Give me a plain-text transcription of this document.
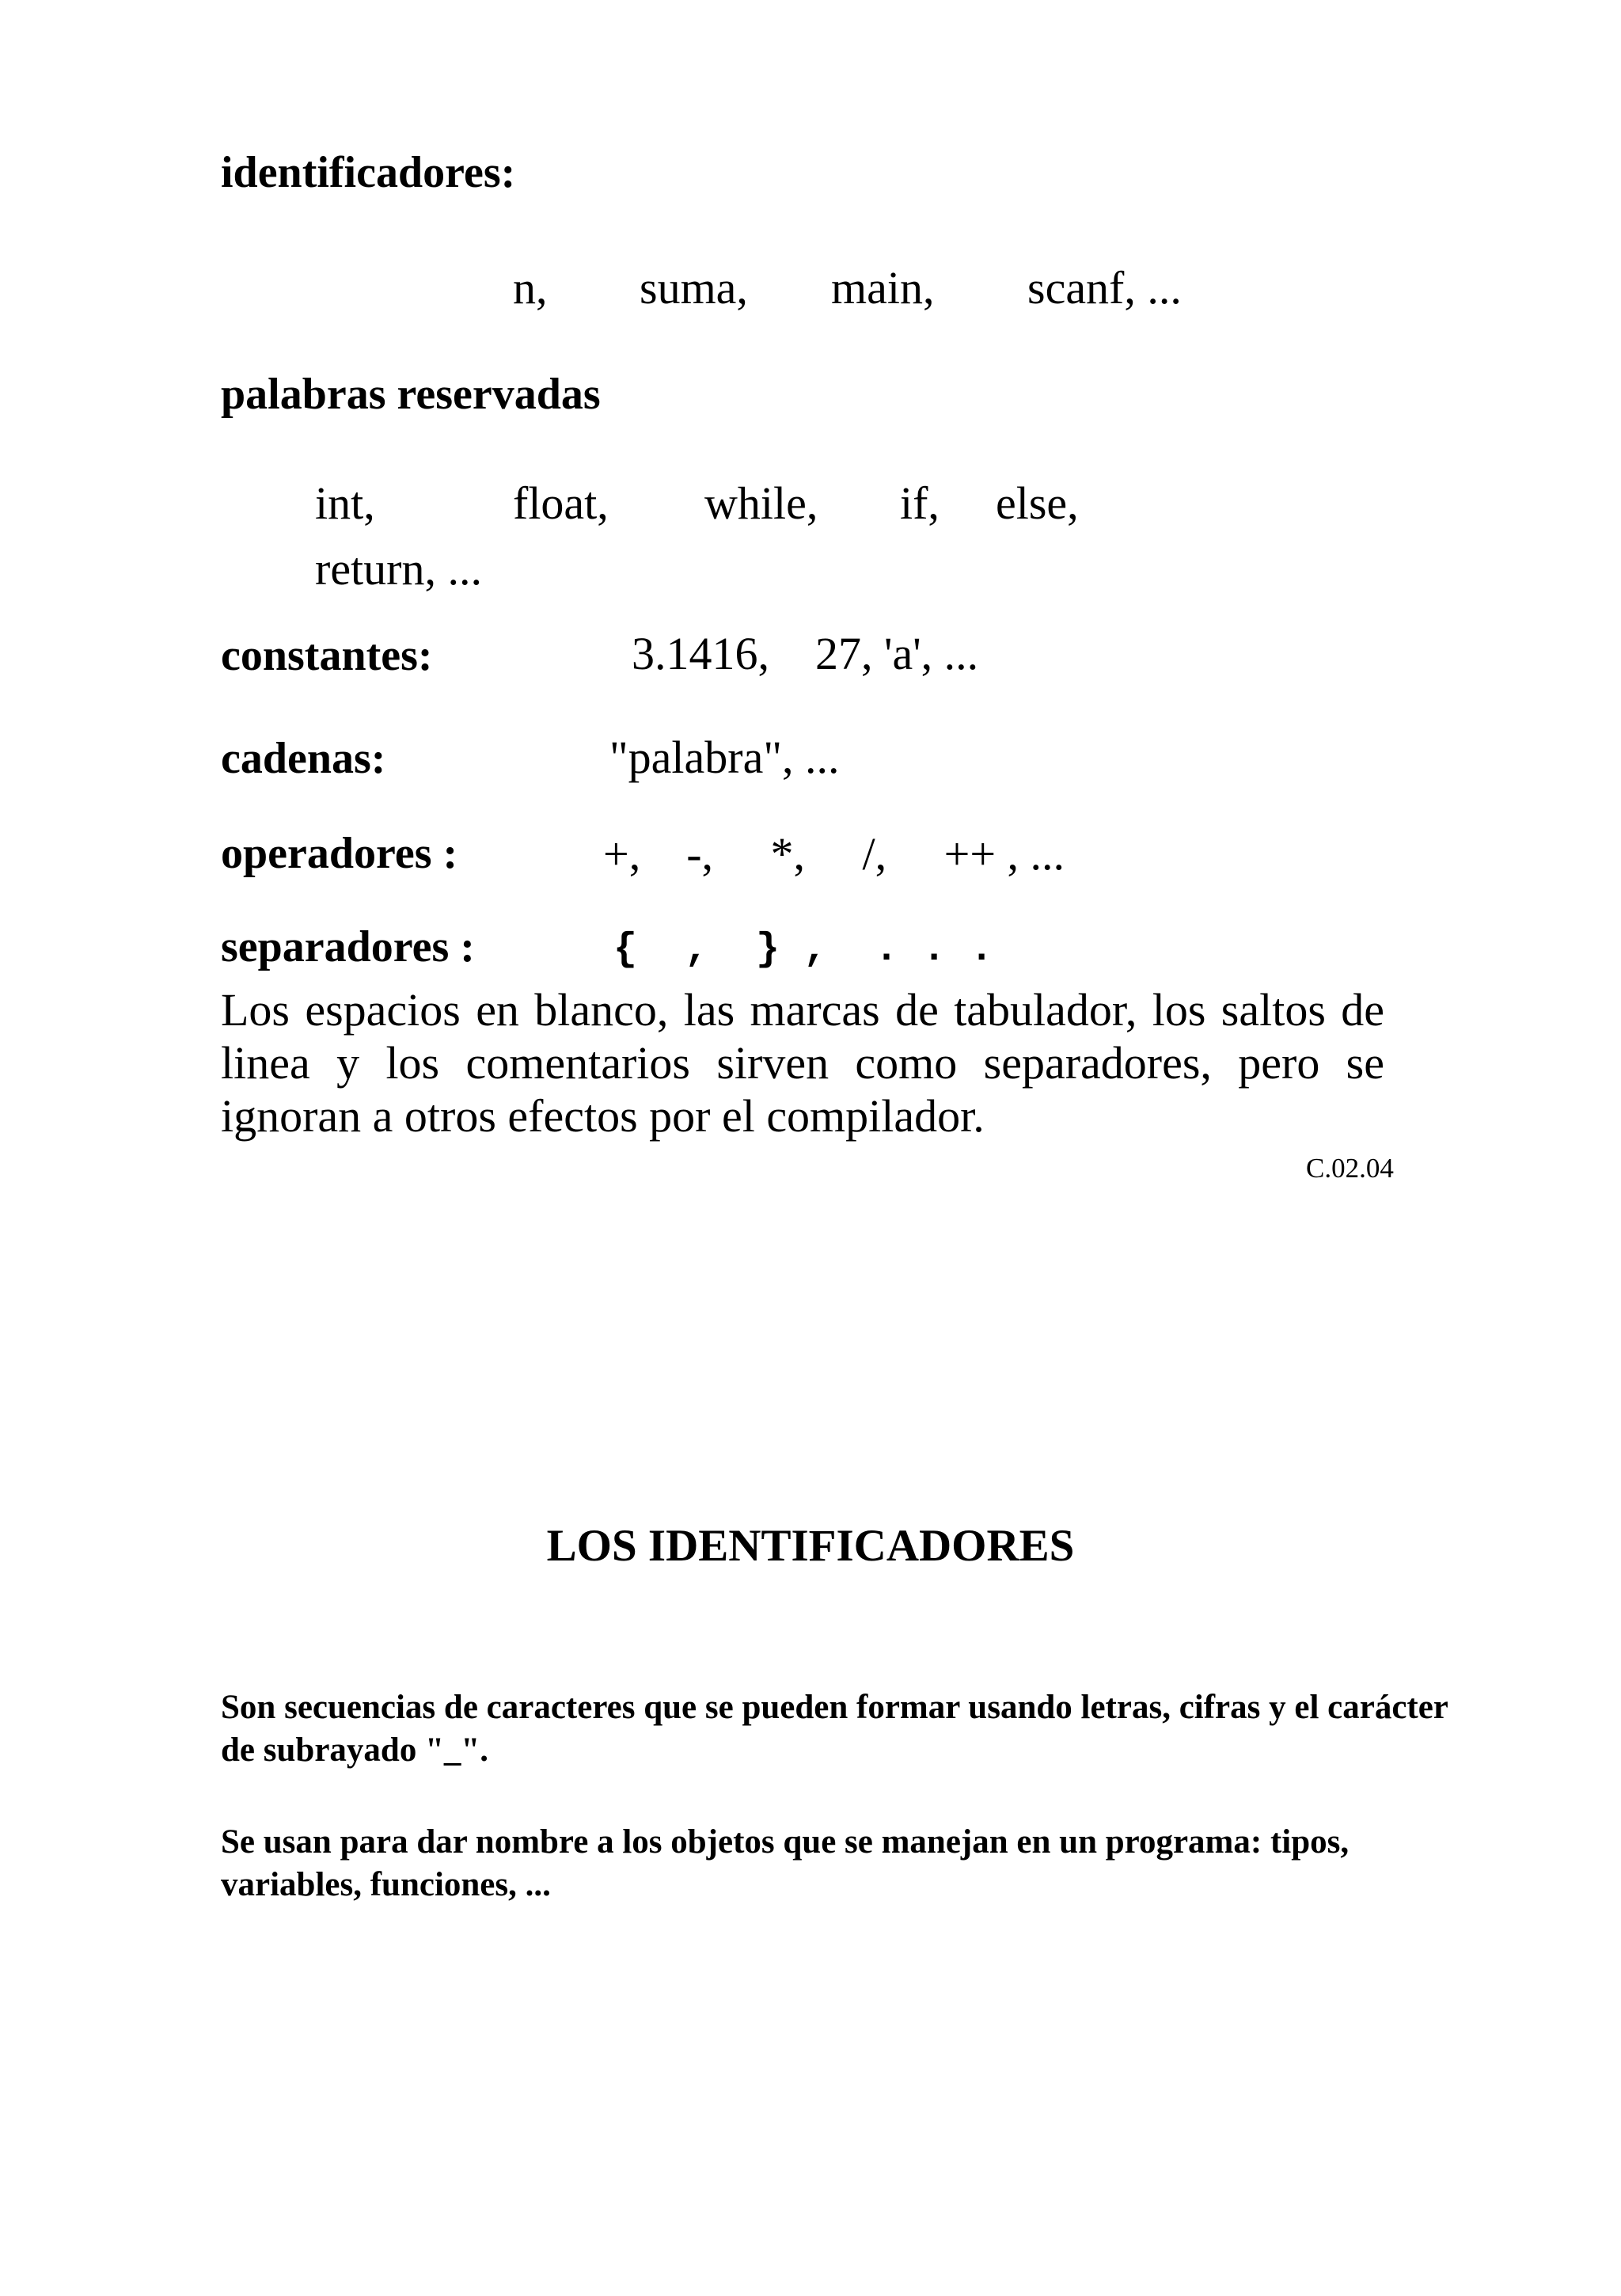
identificadores:
n, suma, main, scanf, ...
palabras reservadas
int,	float, while, if, else,
return, ...
constantes:	3.1416,    27, 'a', ...
cadenas:	"palabra", ...
operadores :	+,    -,     *,     /,     ++ , ...
separadores :	{  ,  } ,  . . .
Los espacios en blanco, las marcas de tabulador, los saltos de linea y los comentarios sirven como separadores, pero se ignoran a otros efectos por el compilador.
C.02.04
LOS IDENTIFICADORES
Son secuencias de caracteres que se pueden formar usando letras, cifras y el carácter de subrayado "_".
Se usan para dar nombre a los objetos que se manejan en un programa: tipos, variables, funciones, ...
